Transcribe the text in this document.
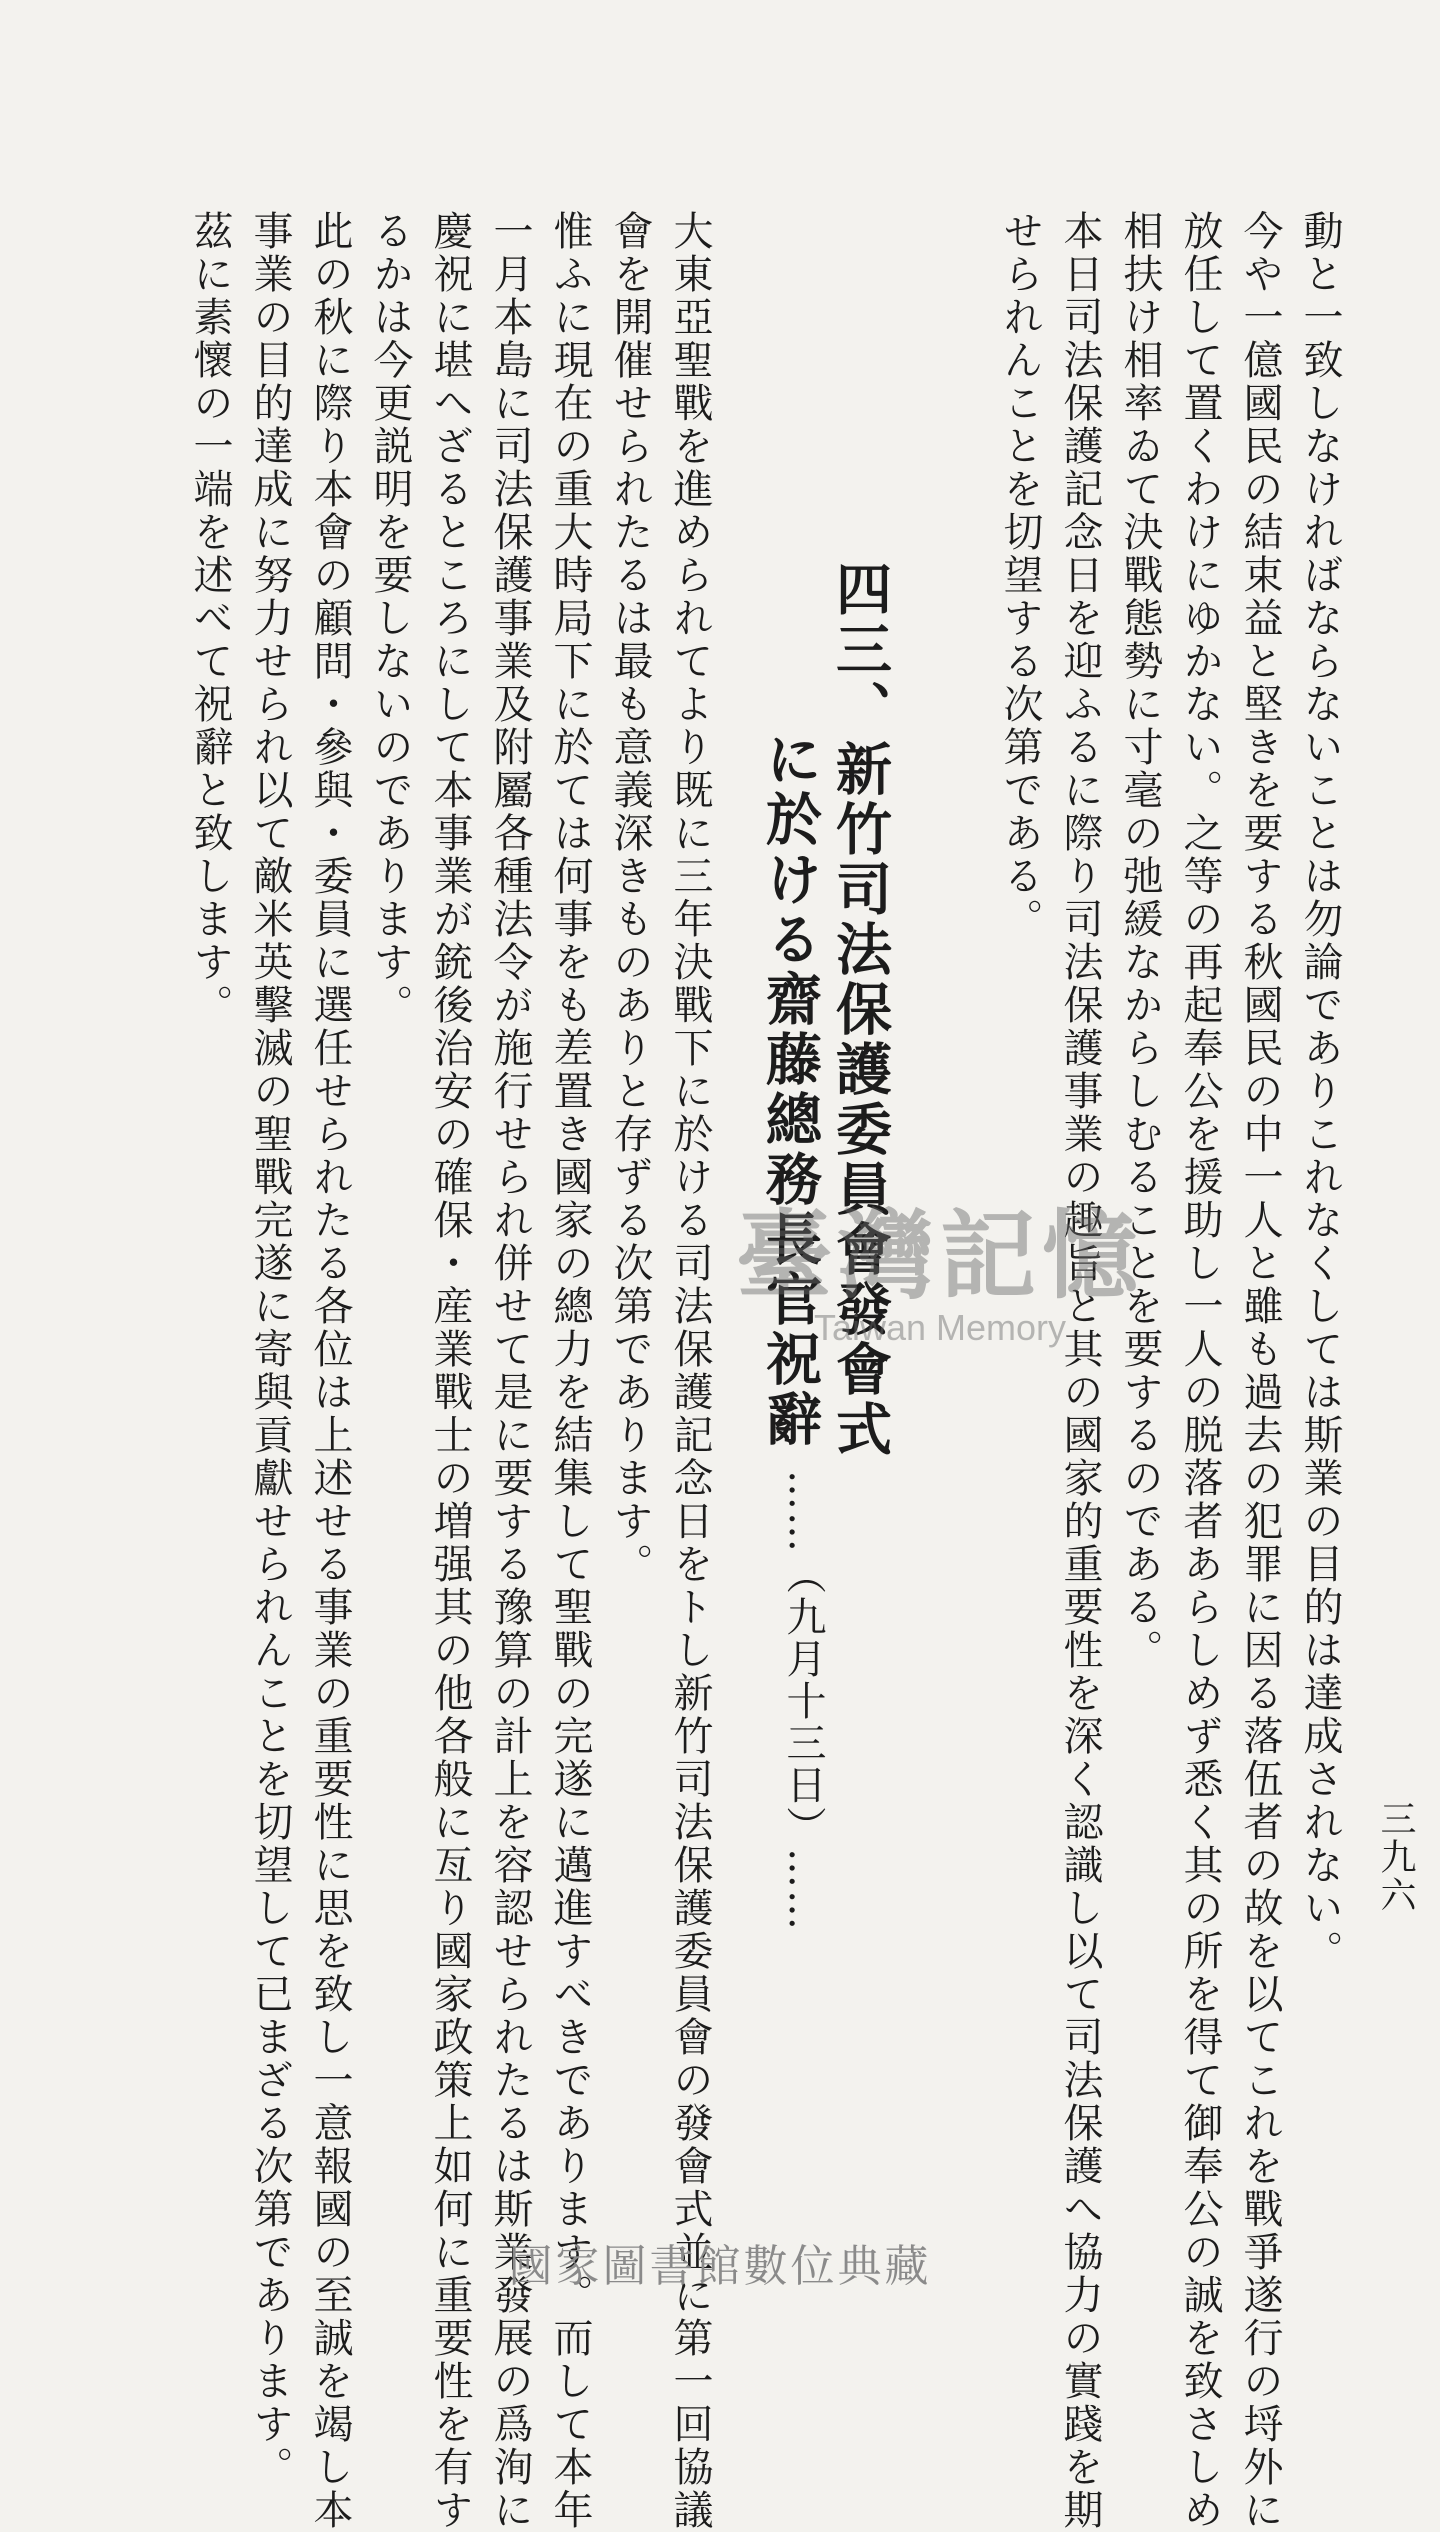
三九六
動と一致しなければならないことは勿論でありこれなくしては斯業の目的は達成されない。
今や一億國民の結束益と堅きを要する秋國民の中一人と雖も過去の犯罪に因る落伍者の故を以てこれを戰爭遂行の埒外に
放任して置くわけにゆかない。之等の再起奉公を援助し一人の脱落者あらしめず悉く其の所を得て御奉公の誠を致さしめ
相扶け相率ゐて決戰態勢に寸毫の弛緩なからしむることを要するのである。
本日司法保護記念日を迎ふるに際り司法保護事業の趣旨と其の國家的重要性を深く認識し以て司法保護へ協力の實踐を期
せられんことを切望する次第である。
四三、新竹司法保護委員會發會式
に於ける齋藤總務長官祝辭
……（九月十三日）……
大東亞聖戰を進められてより既に三年決戰下に於ける司法保護記念日をトし新竹司法保護委員會の發會式並に第一回協議
會を開催せられたるは最も意義深きものありと存ずる次第であります。
惟ふに現在の重大時局下に於ては何事をも差置き國家の總力を結集して聖戰の完遂に邁進すべきであります。而して本年
一月本島に司法保護事業及附屬各種法令が施行せられ併せて是に要する豫算の計上を容認せられたるは斯業發展の爲洵に
慶祝に堪へざるところにして本事業が銃後治安の確保・産業戰士の増强其の他各般に亙り國家政策上如何に重要性を有す
るかは今更説明を要しないのであります。
此の秋に際り本會の顧問・參與・委員に選任せられたる各位は上述せる事業の重要性に思を致し一意報國の至誠を竭し本
事業の目的達成に努力せられ以て敵米英擊滅の聖戰完遂に寄與貢獻せられんことを切望して已まざる次第であります。
茲に素懷の一端を述べて祝辭と致します。
臺灣記憶
Taiwan Memory
國家圖書館數位典藏
